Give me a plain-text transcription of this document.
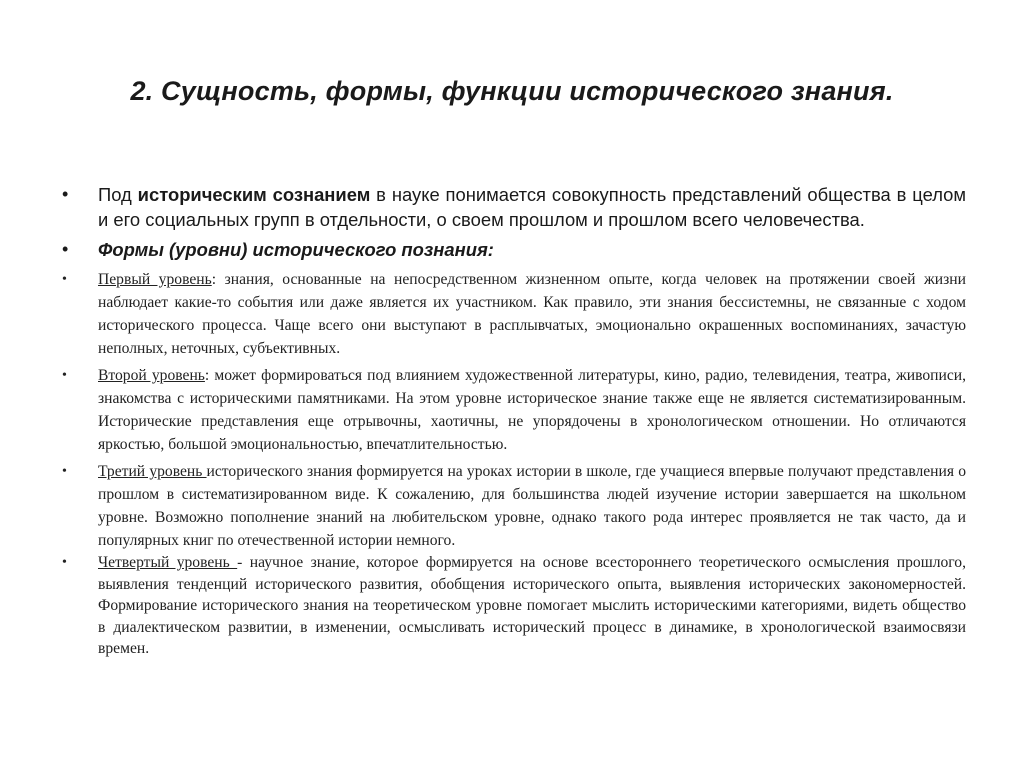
2. Сущность, формы, функции исторического знания.
• Под историческим сознанием в науке понимается совокупность представлений общества в целом и его социальных групп в отдельности, о своем прошлом и прошлом всего человечества.
• Формы (уровни) исторического познания:
• Первый уровень: знания, основанные на непосредственном жизненном опыте, когда человек на протяжении своей жизни наблюдает какие-то события или даже является их участником. Как правило, эти знания бессистемны, не связанные с ходом исторического процесса. Чаще всего они выступают в расплывчатых, эмоционально окрашенных воспоминаниях, зачастую неполных, неточных, субъективных.
• Второй уровень: может формироваться под влиянием художественной литературы, кино, радио, телевидения, театра, живописи, знакомства с историческими памятниками. На этом уровне историческое знание также еще не является систематизированным. Исторические представления еще отрывочны, хаотичны, не упорядочены в хронологическом отношении. Но отличаются яркостью, большой эмоциональностью, впечатлительностью.
• Третий уровень исторического знания формируется на уроках истории в школе, где учащиеся впервые получают представления о прошлом в систематизированном виде. К сожалению, для большинства людей изучение истории завершается на школьном уровне. Возможно пополнение знаний на любительском уровне, однако такого рода интерес проявляется не так часто, да и популярных книг по отечественной истории немного.
• Четвертый уровень - научное знание, которое формируется на основе всестороннего теоретического осмысления прошлого, выявления тенденций исторического развития, обобщения исторического опыта, выявления исторических закономерностей. Формирование исторического знания на теоретическом уровне помогает мыслить историческими категориями, видеть общество в диалектическом развитии, в изменении, осмысливать исторический процесс в динамике, в хронологической взаимосвязи времен.
